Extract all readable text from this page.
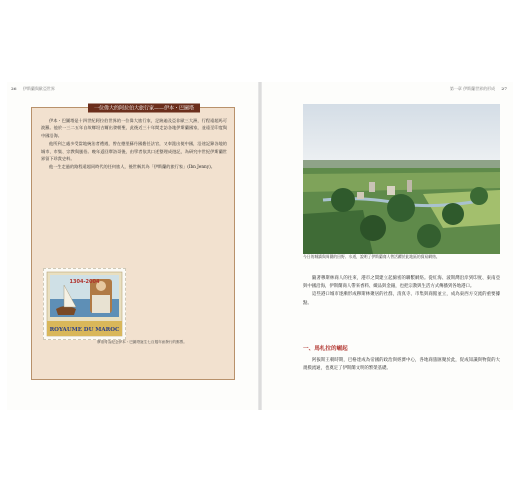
26 伊斯蘭與歐亞世界
一位偉大的阿拉伯大旅行家——伊本・巴圖塔

伊本・巴圖塔是十四世紀阿拉伯世界的一位偉大旅行家，足跡遍及亞非歐三大洲，行程遠超馬可波羅。他於一三二五年自故鄉坦吉爾出發朝聖，此後近三十年間走訪各地伊斯蘭國家，並遠至印度與中國沿海。

他所到之處多受當地統治者禮遇，曾在德里蘇丹國擔任法官，又奉派出使中國，沿途記錄各地的城市、市集、宗教與風俗。晚年返回摩洛哥後，由學者依其口述整理成遊記，為研究中世紀伊斯蘭世界留下珍貴史料。

他一生走過的路程遠超同時代的任何旅人，後世稱其為「伊斯蘭的旅行家」(Ibn Jenny)。

1304-2004
ROYAUME DU MAROC
摩洛哥為紀念伊本・巴圖塔誕生七百週年而發行的郵票。
第一章 伊斯蘭世界的形成 27

今日的城鎮與周圍的田野、水道，說明了伊斯蘭商人曾活躍於此地區的貿易網絡。

隨著穆斯林商人的往來，港市之間建立起綿密的聯繫網絡。從紅海、波斯灣沿岸到印度、東南亞與中國沿海，伊斯蘭商人帶來香料、織品與金銀，也把宗教與生活方式傳播到各地港口。

這些港口城市逐漸形成穆斯林聚居的社群，清真寺、市集與商館並立，成為東西方交流的重要據點。

一、馬札拉的崛起

阿拔斯王朝時期，巴格達成為帝國的政治與經濟中心，各地商旅匯聚於此，促成知識與物資的大規模流通，也奠定了伊斯蘭文明的繁榮基礎。
